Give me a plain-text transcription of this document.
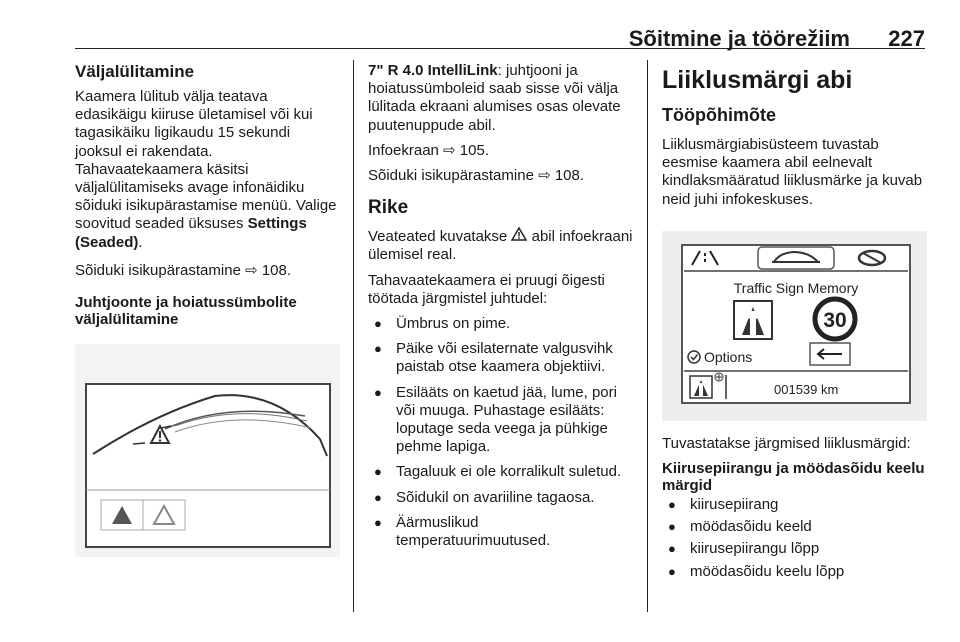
Sõitmine ja töörežiim 227
Väljalülitamine

Kaamera lülitub välja teatava edasikäigu kiiruse ületamisel või kui tagasikäiku ligikaudu 15 sekundi jooksul ei rakendata.

Tahavaatekaamera käsitsi väljalülitamiseks avage infonäidiku sõiduki isikupärastamise menüü. Valige soovitud seaded üksuses Settings (Seaded).

Sõiduki isikupärastamine ⇨ 108.

Juhtjoonte ja hoiatussümbolite väljalülitamine

7" R 4.0 IntelliLink: juhtjooni ja hoiatussümboleid saab sisse või välja lülitada ekraani alumises osas olevate puutenuppude abil.

Infoekraan ⇨ 105.

Sõiduki isikupärastamine ⇨ 108.

Rike

Veateated kuvatakse  abil infoekraani ülemisel real.

Tahavaatekaamera ei pruugi õigesti töötada järgmistel juhtudel:

● Ümbrus on pime.
● Päike või esilaternate valgusvihk paistab otse kaamera objektiivi.
● Esilääts on kaetud jää, lume, pori või muuga. Puhastage esilääts: loputage seda veega ja pühkige pehme lapiga.
● Tagaluuk ei ole korralikult suletud.
● Sõidukil on avariiline tagaosa.
● Äärmuslikud temperatuurimuutused.
Liiklusmärgi abi
Tööpõhimõte

Liiklusmärgiabisüsteem tuvastab eesmise kaamera abil eelnevalt kindlaksmääratud liiklusmärke ja kuvab neid juhi infokeskuses.

Traffic Sign Memory
30
Options
001539 km

Tuvastatakse järgmised liiklusmärgid:

Kiirusepiirangu ja möödasõidu keelu märgid
● kiirusepiirang
● möödasõidu keeld
● kiirusepiirangu lõpp
● möödasõidu keelu lõpp
